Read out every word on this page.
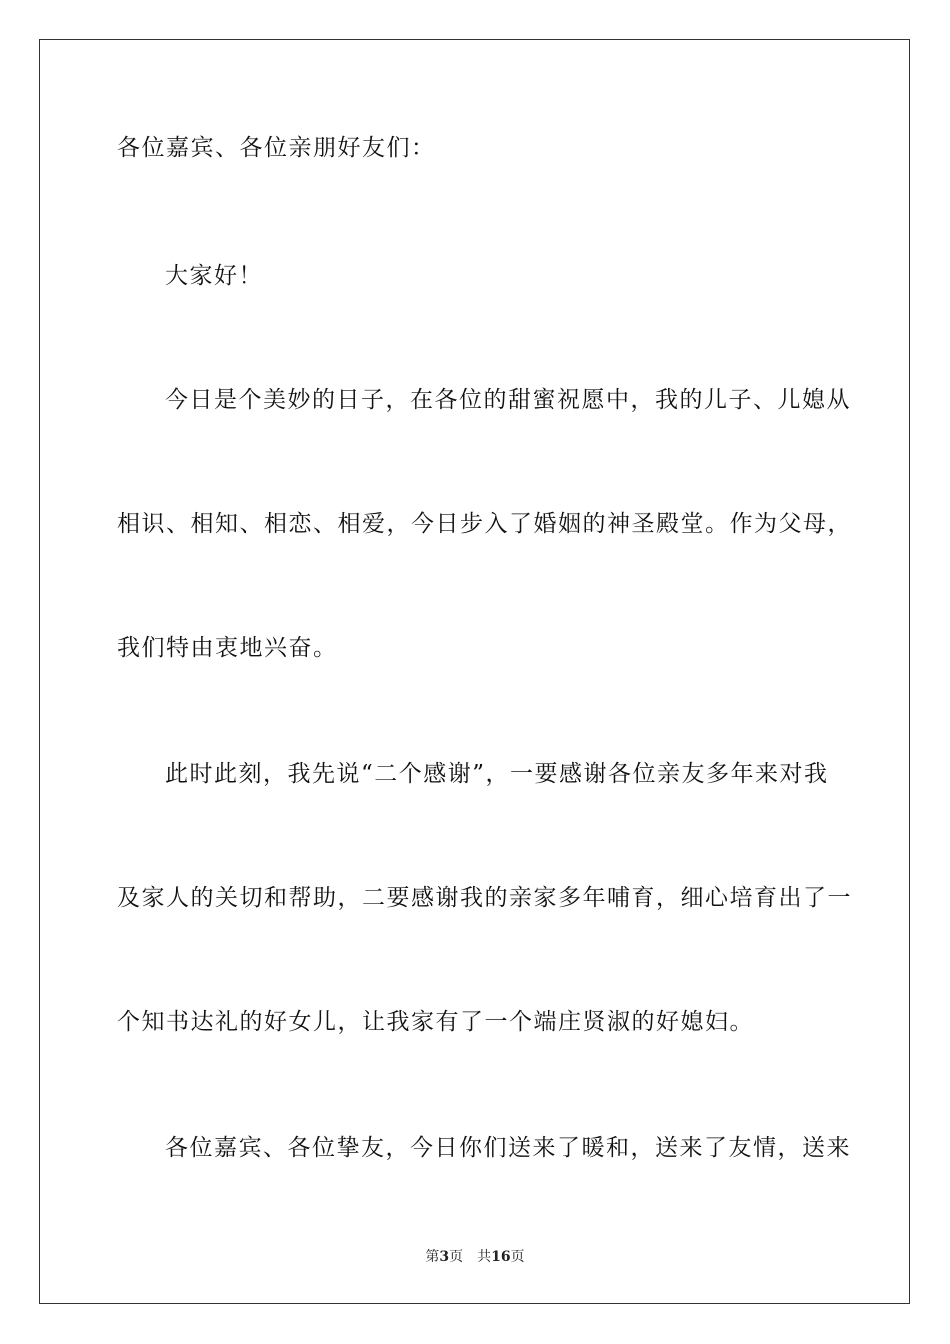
各位嘉宾、各位亲朋好友们：
大家好！
今日是个美妙的日子，在各位的甜蜜祝愿中，我的儿子、儿媳从
相识、相知、相恋、相爱，今日步入了婚姻的神圣殿堂。作为父母，
我们特由衷地兴奋。
此时此刻，我先说“二个感谢”，一要感谢各位亲友多年来对我
及家人的关切和帮助，二要感谢我的亲家多年哺育，细心培育出了一
个知书达礼的好女儿，让我家有了一个端庄贤淑的好媳妇。
各位嘉宾、各位挚友，今日你们送来了暖和，送来了友情，送来
第3页 共16页
